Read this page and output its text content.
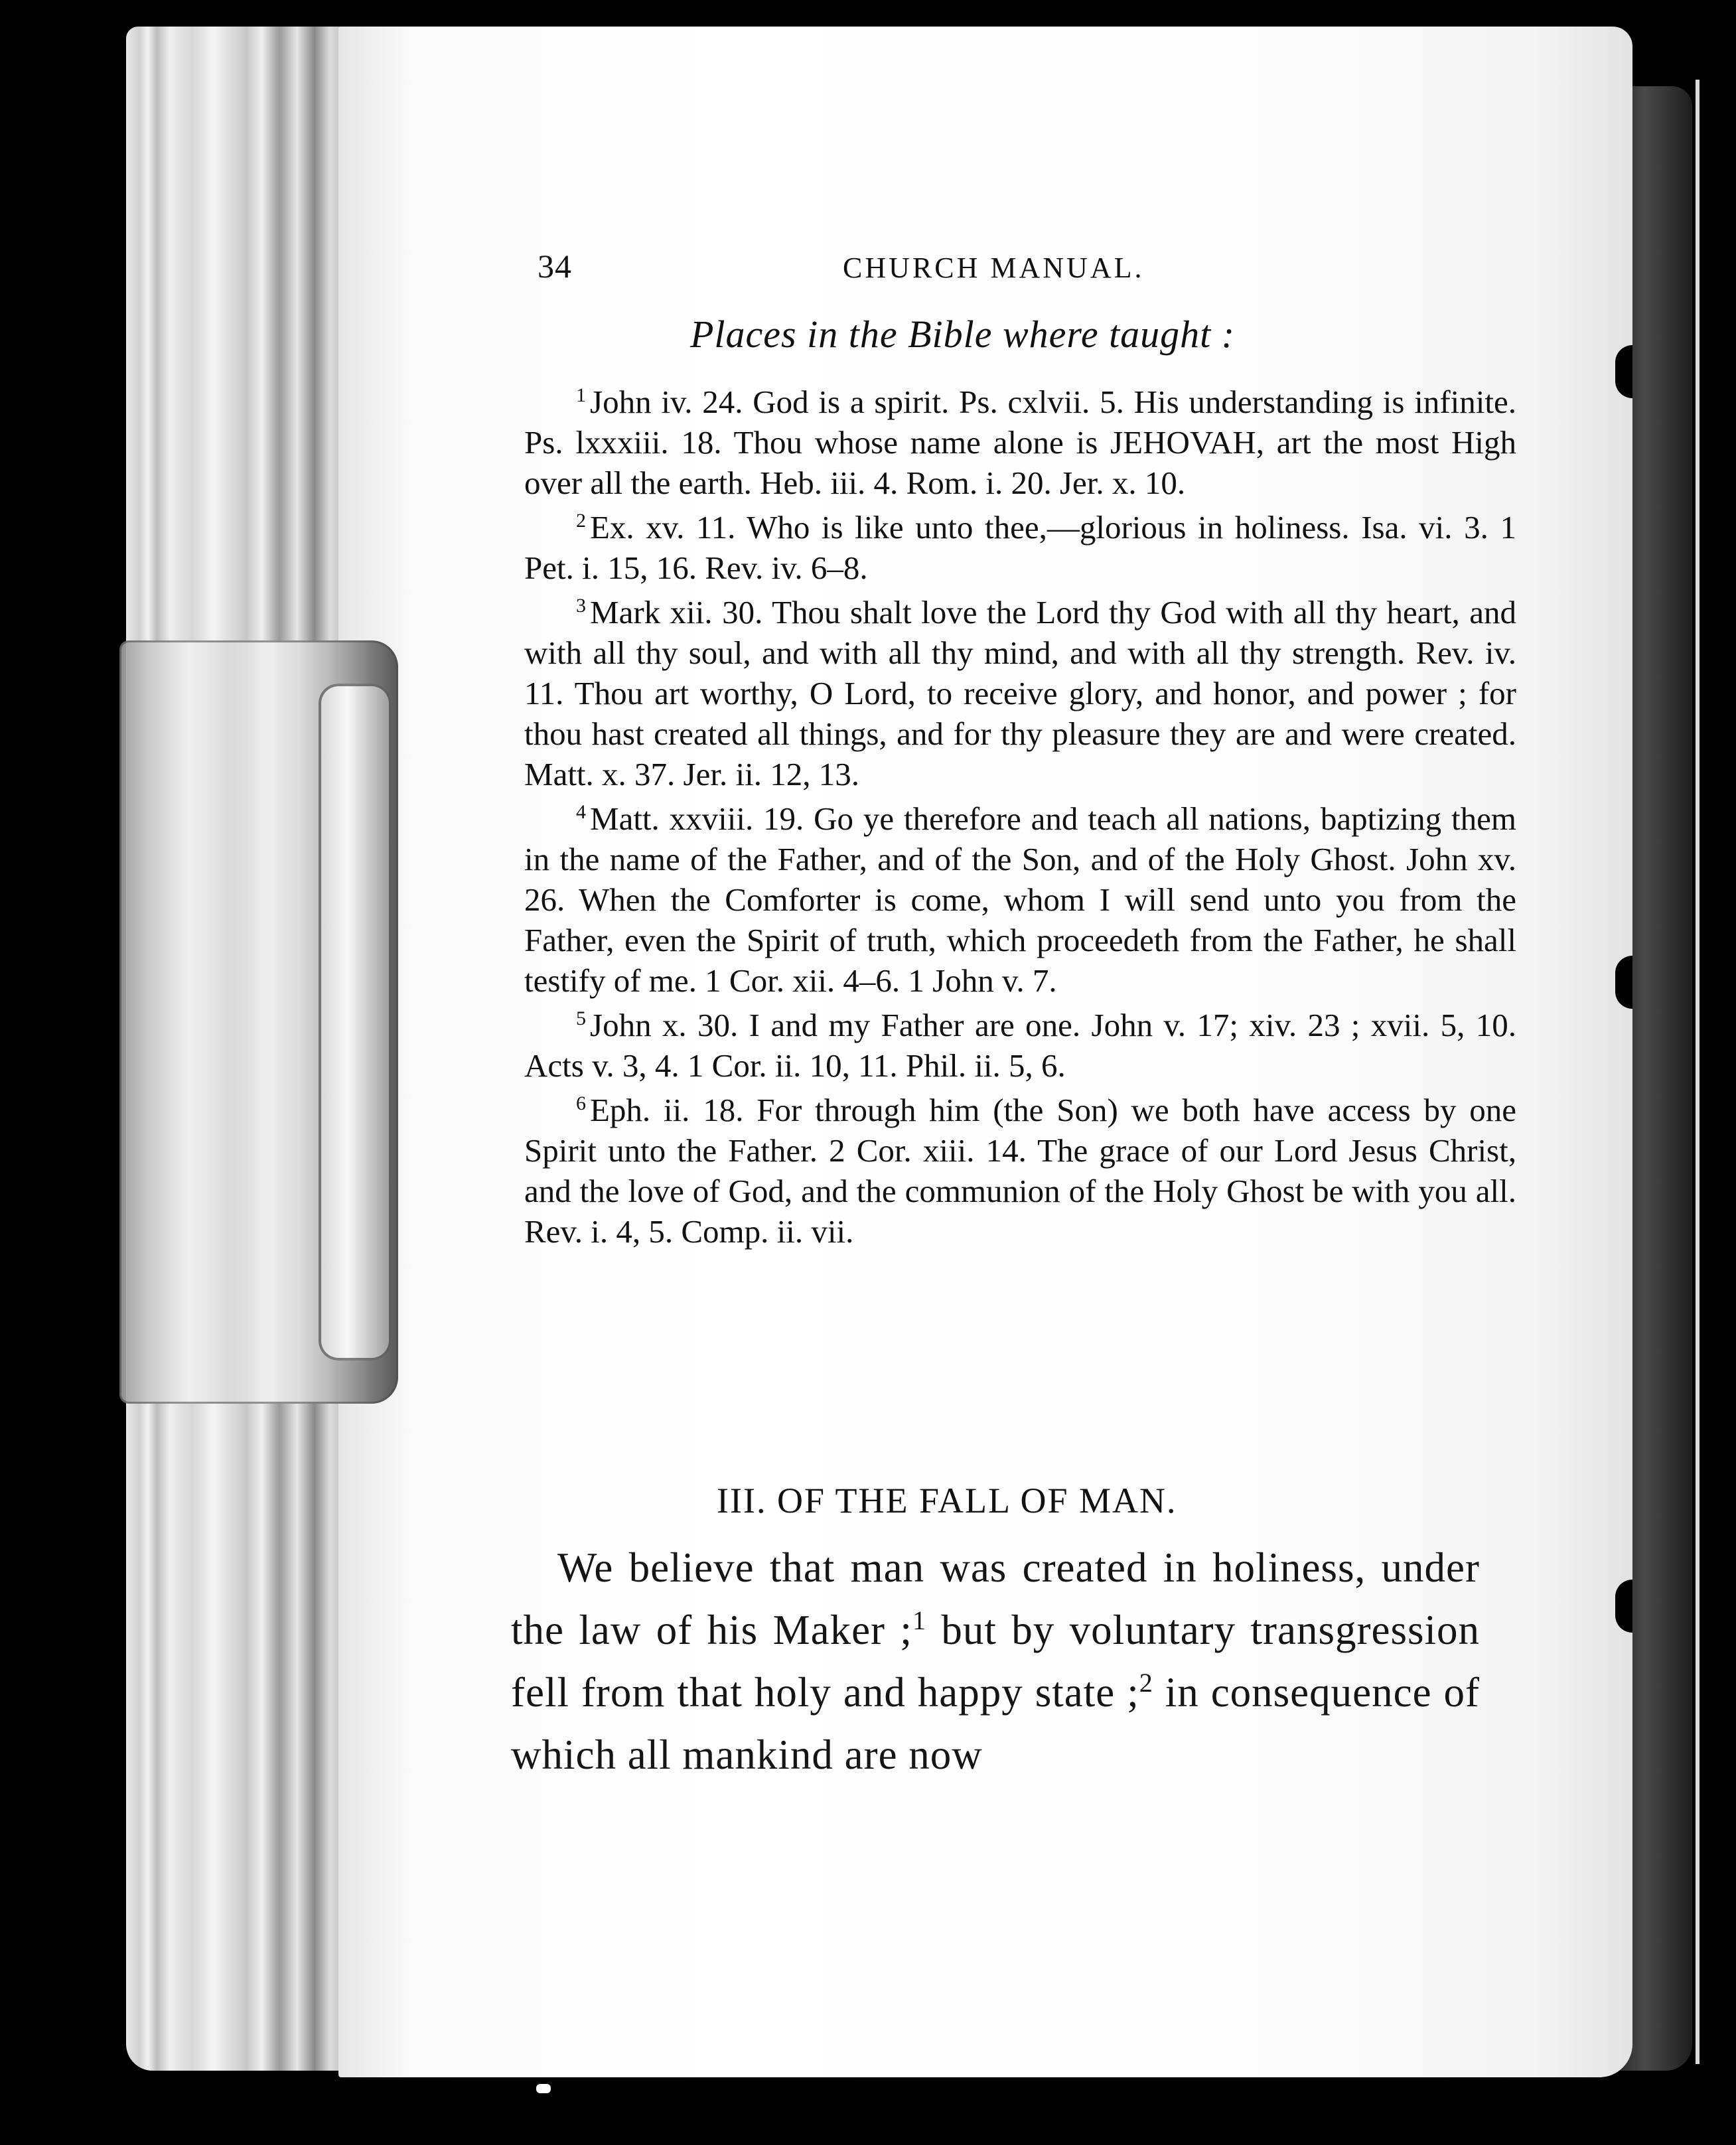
34	CHURCH MANUAL.
Places in the Bible where taught :

$^1$ John iv. 24. God is a spirit. Ps. cxlvii. 5. His understanding is infinite. Ps. lxxxiii. 18. Thou whose name alone is JEHOVAH, art the most High over all the earth. Heb. iii. 4. Rom. i. 20. Jer. x. 10.

$^2$ Ex. xv. 11. Who is like unto thee,—glorious in holiness. Isa. vi. 3. 1 Pet. i. 15, 16. Rev. iv. 6–8.

$^3$ Mark xii. 30. Thou shalt love the Lord thy God with all thy heart, and with all thy soul, and with all thy mind, and with all thy strength. Rev. iv. 11. Thou art worthy, O Lord, to receive glory, and honor, and power ; for thou hast created all things, and for thy pleasure they are and were created. Matt. x. 37. Jer. ii. 12, 13.

$^4$ Matt. xxviii. 19. Go ye therefore and teach all nations, baptizing them in the name of the Father, and of the Son, and of the Holy Ghost. John xv. 26. When the Comforter is come, whom I will send unto you from the Father, even the Spirit of truth, which proceedeth from the Father, he shall testify of me. 1 Cor. xii. 4–6. 1 John v. 7.

$^5$ John x. 30. I and my Father are one. John v. 17; xiv. 23 ; xvii. 5, 10. Acts v. 3, 4. 1 Cor. ii. 10, 11. Phil. ii. 5, 6.

$^6$ Eph. ii. 18. For through him (the Son) we both have access by one Spirit unto the Father. 2 Cor. xiii. 14. The grace of our Lord Jesus Christ, and the love of God, and the communion of the Holy Ghost be with you all. Rev. i. 4, 5. Comp. ii. vii.

III. OF THE FALL OF MAN.
We believe that man was created in holiness, under the law of his Maker ;$^1$ but by voluntary transgression fell from that holy and happy state ;$^2$ in consequence of which all mankind are now
